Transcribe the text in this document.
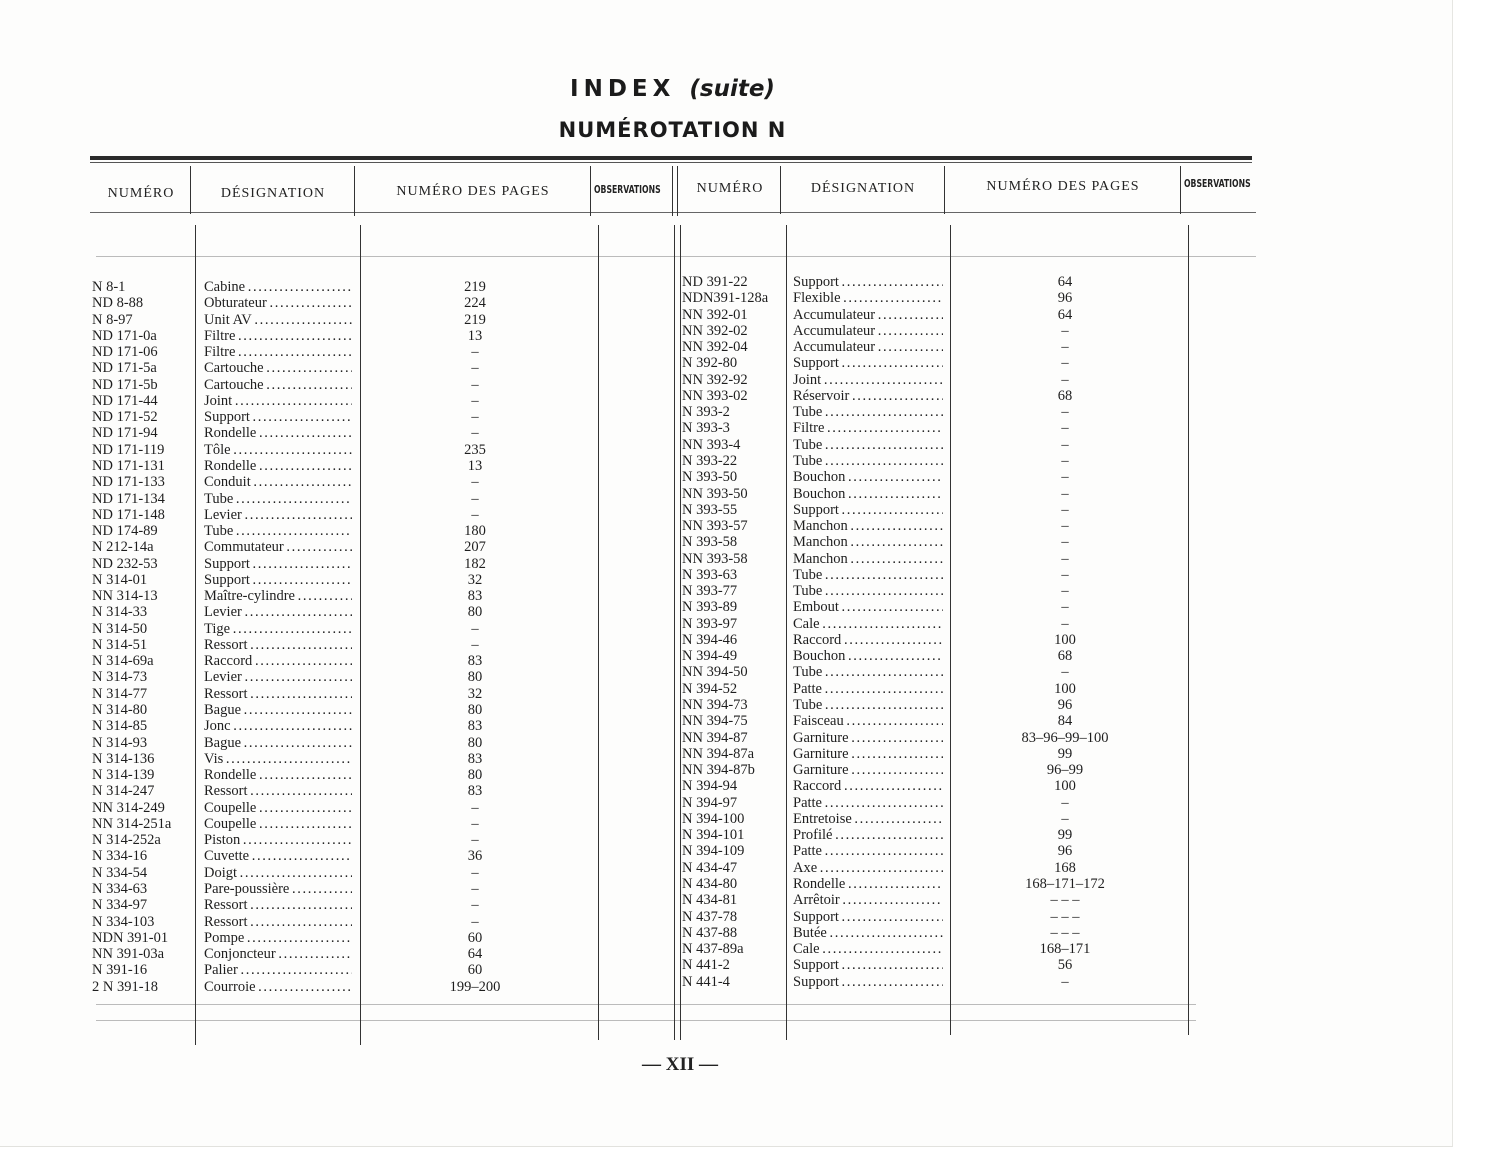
INDEX (suite)
NUMÉROTATION N
NUMÉRO	DÉSIGNATION	NUMÉRO DES PAGES	OBSERVATIONS	NUMÉRO	DÉSIGNATION	NUMÉRO DES PAGES	OBSERVATIONS
N 8-1	Cabine . . .	219
ND 8-88	Obturateur . . .	224
N 8-97	Unit AV . . .	219
ND 171-0a	Filtre . . .	13
ND 171-06	Filtre . . .	–
ND 171-5a	Cartouche . . .	–
ND 171-5b	Cartouche . . .	–
ND 171-44	Joint . . .	–
ND 171-52	Support . . .	–
ND 171-94	Rondelle . . .	–
ND 171-119	Tôle . . .	235
ND 171-131	Rondelle . . .	13
ND 171-133	Conduit . . .	–
ND 171-134	Tube . . .	–
ND 171-148	Levier . . .	–
ND 174-89	Tube . . .	180
N 212-14a	Commutateur . . .	207
ND 232-53	Support . . .	182
N 314-01	Support . . .	32
NN 314-13	Maître-cylindre . . .	83
N 314-33	Levier . . .	80
N 314-50	Tige . . .	–
N 314-51	Ressort . . .	–
N 314-69a	Raccord . . .	83
N 314-73	Levier . . .	80
N 314-77	Ressort . . .	32
N 314-80	Bague . . .	80
N 314-85	Jonc . . .	83
N 314-93	Bague . . .	80
N 314-136	Vis . . .	83
N 314-139	Rondelle . . .	80
N 314-247	Ressort . . .	83
NN 314-249	Coupelle . . .	–
NN 314-251a	Coupelle . . .	–
N 314-252a	Piston . . .	–
N 334-16	Cuvette . . .	36
N 334-54	Doigt . . .	–
N 334-63	Pare-poussière . . .	–
N 334-97	Ressort . . .	–
N 334-103	Ressort . . .	–
NDN 391-01	Pompe . . .	60
NN 391-03a	Conjoncteur . . .	64
N 391-16	Palier . . .	60
2 N 391-18	Courroie . . .	199–200
ND 391-22	Support . . .	64
NDN391-128a	Flexible . . .	96
NN 392-01	Accumulateur . . .	64
NN 392-02	Accumulateur . . .	–
NN 392-04	Accumulateur . . .	–
N 392-80	Support . . .	–
NN 392-92	Joint . . .	–
NN 393-02	Réservoir . . .	68
N 393-2	Tube . . .	–
N 393-3	Filtre . . .	–
NN 393-4	Tube . . .	–
N 393-22	Tube . . .	–
N 393-50	Bouchon . . .	–
NN 393-50	Bouchon . . .	–
N 393-55	Support . . .	–
NN 393-57	Manchon . . .	–
N 393-58	Manchon . . .	–
NN 393-58	Manchon . . .	–
N 393-63	Tube . . .	–
N 393-77	Tube . . .	–
N 393-89	Embout . . .	–
N 393-97	Cale . . .	–
N 394-46	Raccord . . .	100
N 394-49	Bouchon . . .	68
NN 394-50	Tube . . .	–
N 394-52	Patte . . .	100
NN 394-73	Tube . . .	96
NN 394-75	Faisceau . . .	84
NN 394-87	Garniture . . .	83–96–99–100
NN 394-87a	Garniture . . .	99
NN 394-87b	Garniture . . .	96–99
N 394-94	Raccord . . .	100
N 394-97	Patte . . .	–
N 394-100	Entretoise . . .	–
N 394-101	Profilé . . .	99
N 394-109	Patte . . .	96
N 434-47	Axe . . .	168
N 434-80	Rondelle . . .	168–171–172
N 434-81	Arrêtoir . . .	– – –
N 437-78	Support . . .	– – –
N 437-88	Butée . . .	– – –
N 437-89a	Cale . . .	168–171
N 441-2	Support . . .	56
N 441-4	Support . . .	–
— XII —
